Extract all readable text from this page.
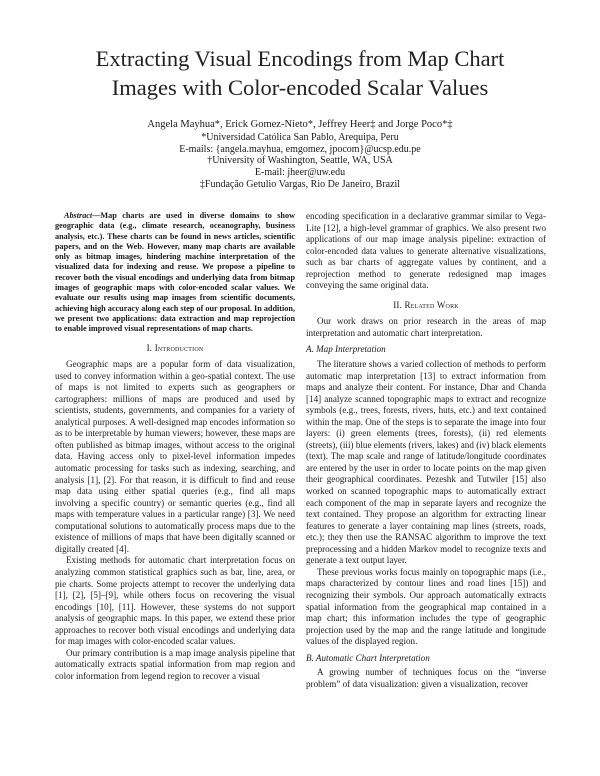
Extracting Visual Encodings from Map Chart
Images with Color-encoded Scalar Values
Angela Mayhua*, Erick Gomez-Nieto*, Jeffrey Heer‡ and Jorge Poco*‡
*Universidad Católica San Pablo, Arequipa, Peru
E-mails: {angela.mayhua, emgomez, jpocom}@ucsp.edu.pe
†University of Washington, Seattle, WA, USA
E-mail: jheer@uw.edu
‡Fundação Getulio Vargas, Rio De Janeiro, Brazil

Abstract—Map charts are used in diverse domains to show geographic data (e.g., climate research, oceanography, business analysis, etc.). These charts can be found in news articles, scientific papers, and on the Web. However, many map charts are available only as bitmap images, hindering machine interpretation of the visualized data for indexing and reuse. We propose a pipeline to recover both the visual encodings and underlying data from bitmap images of geographic maps with color-encoded scalar values. We evaluate our results using map images from scientific documents, achieving high accuracy along each step of our proposal. In addition, we present two applications: data extraction and map reprojection to enable improved visual representations of map charts.

I. Introduction

Geographic maps are a popular form of data visualization, used to convey information within a geo-spatial context. The use of maps is not limited to experts such as geographers or cartographers: millions of maps are produced and used by scientists, students, governments, and companies for a variety of analytical purposes. A well-designed map encodes information so as to be interpretable by human viewers; however, these maps are often published as bitmap images, without access to the original data. Having access only to pixel-level information impedes automatic processing for tasks such as indexing, searching, and analysis [1], [2]. For that reason, it is difficult to find and reuse map data using either spatial queries (e.g., find all maps involving a specific country) or semantic queries (e.g., find all maps with temperature values in a particular range) [3]. We need computational solutions to automatically process maps due to the existence of millions of maps that have been digitally scanned or digitally created [4].

Existing methods for automatic chart interpretation focus on analyzing common statistical graphics such as bar, line, area, or pie charts. Some projects attempt to recover the underlying data [1], [2], [5]–[9], while others focus on recovering the visual encodings [10], [11]. However, these systems do not support analysis of geographic maps. In this paper, we extend these prior approaches to recover both visual encodings and underlying data for map images with color-encoded scalar values.

Our primary contribution is a map image analysis pipeline that automatically extracts spatial information from map region and color information from legend region to recover a visual

encoding specification in a declarative grammar similar to Vega-Lite [12], a high-level grammar of graphics. We also present two applications of our map image analysis pipeline: extraction of color-encoded data values to generate alternative visualizations, such as bar charts of aggregate values by continent, and a reprojection method to generate redesigned map images conveying the same original data.

II. Related Work

Our work draws on prior research in the areas of map interpretation and automatic chart interpretation.

A. Map Interpretation

The literature shows a varied collection of methods to perform automatic map interpretation [13] to extract information from maps and analyze their content. For instance, Dhar and Chanda [14] analyze scanned topographic maps to extract and recognize symbols (e.g., trees, forests, rivers, huts, etc.) and text contained within the map. One of the steps is to separate the image into four layers: (i) green elements (trees, forests), (ii) red elements (streets), (iii) blue elements (rivers, lakes) and (iv) black elements (text). The map scale and range of latitude/longitude coordinates are entered by the user in order to locate points on the map given their geographical coordinates. Pezeshk and Tutwiler [15] also worked on scanned topographic maps to automatically extract each component of the map in separate layers and recognize the text contained. They propose an algorithm for extracting linear features to generate a layer containing map lines (streets, roads, etc.); they then use the RANSAC algorithm to improve the text preprocessing and a hidden Markov model to recognize texts and generate a text output layer.

These previous works focus mainly on topographic maps (i.e., maps characterized by contour lines and road lines [15]) and recognizing their symbols. Our approach automatically extracts spatial information from the geographical map contained in a map chart; this information includes the type of geographic projection used by the map and the range latitude and longitude values of the displayed region.

B. Automatic Chart Interpretation

A growing number of techniques focus on the “inverse problem” of data visualization: given a visualization, recover
